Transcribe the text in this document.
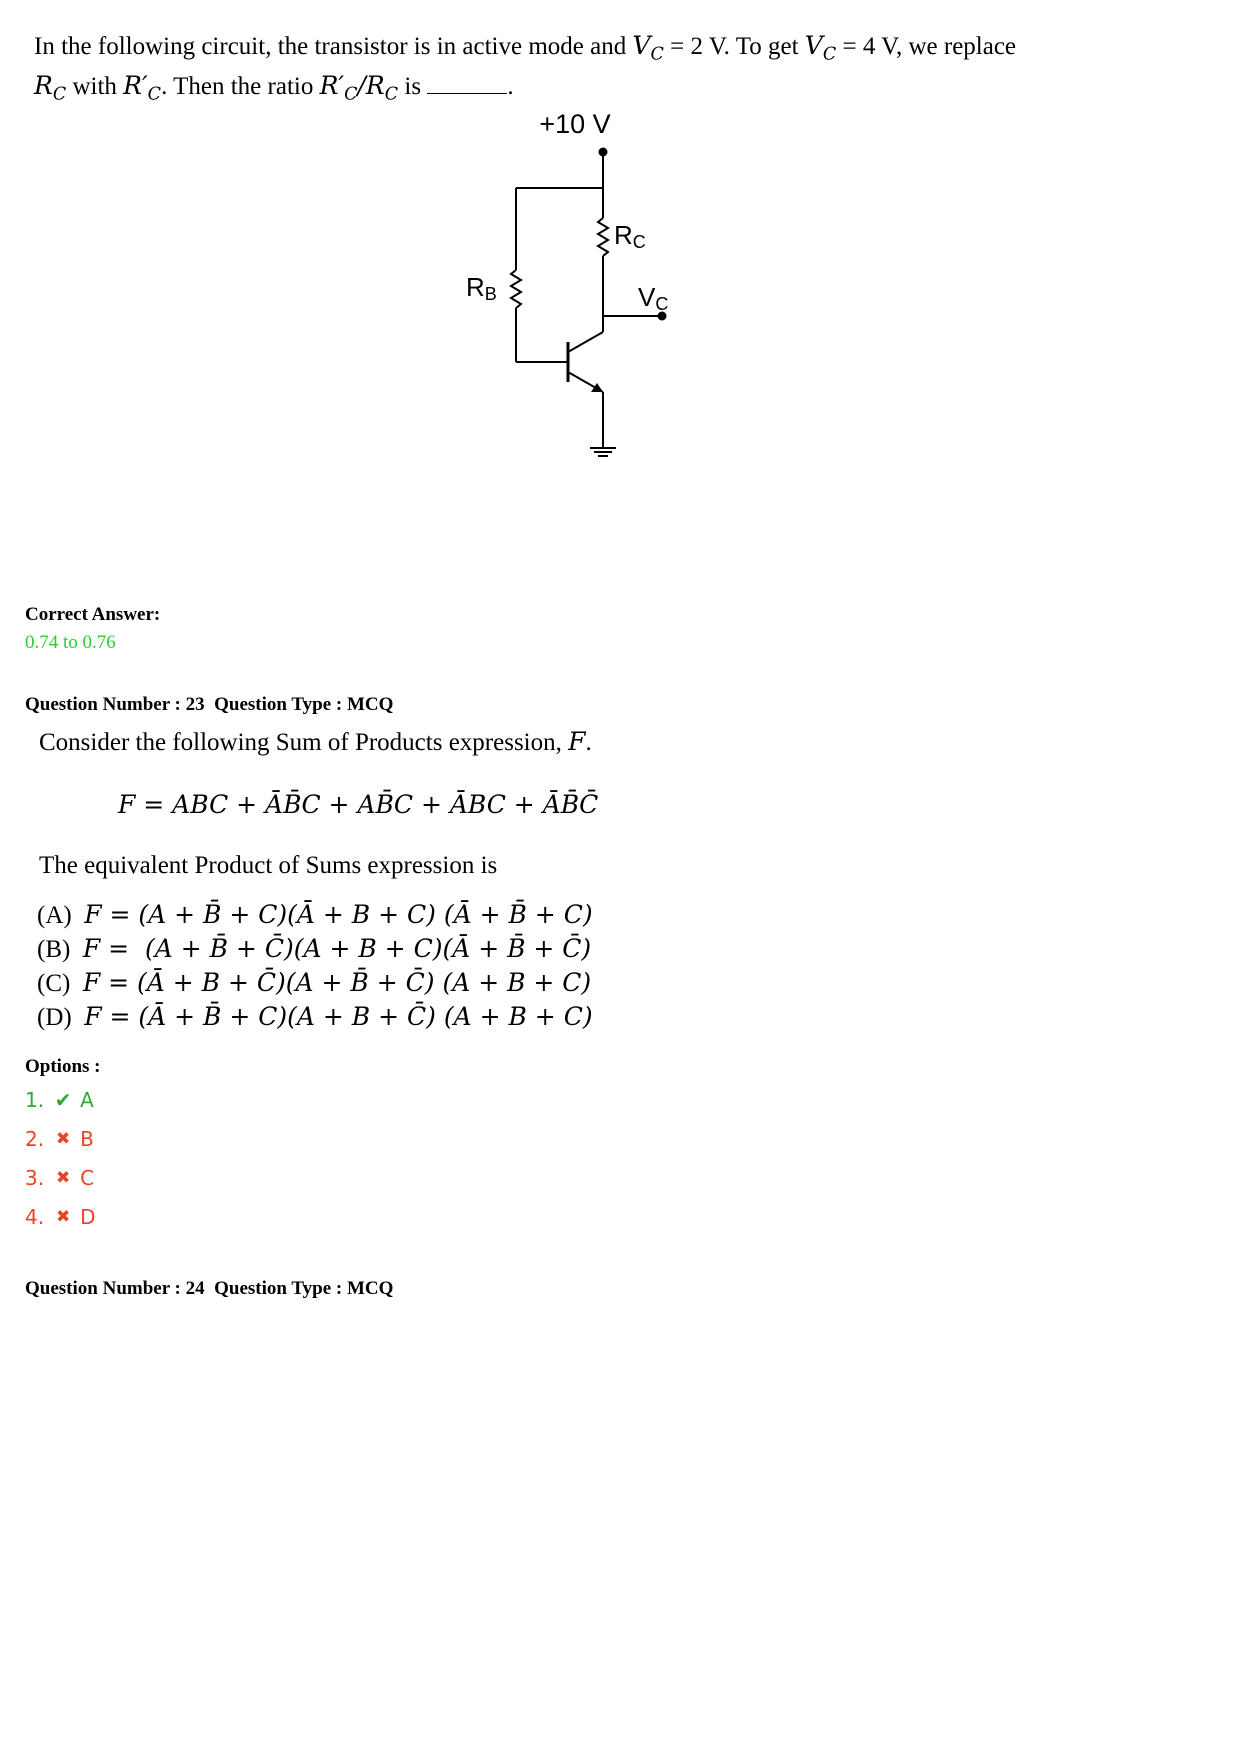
In the following circuit, the transistor is in active mode and $V_C = 2$ V. To get $V_C = 4$ V, we replace
$R_C$ with $R'_C$. Then the ratio $R'_C/R_C$ is	.
+10 V
RC
VC
RB
Correct Answer:
0.74 to 0.76
Question Number : 23  Question Type : MCQ
Consider the following Sum of Products expression, F.
F = ABC + ĀB̄C + AB̄C + ĀBC + ĀB̄C̄
The equivalent Product of Sums expression is
(A) F = (A + B̄ + C)(Ā + B + C) (Ā + B̄ + C)
(B) F =  (A + B̄ + C̄)(A + B + C)(Ā + B̄ + C̄)
(C) F = (Ā + B + C̄)(A + B̄ + C̄) (A + B + C)
(D) F = (Ā + B̄ + C)(A + B + C̄) (A + B + C)
Options :
1. ✔ A
2. ✖ B
3. ✖ C
4. ✖ D
Question Number : 24  Question Type : MCQ
